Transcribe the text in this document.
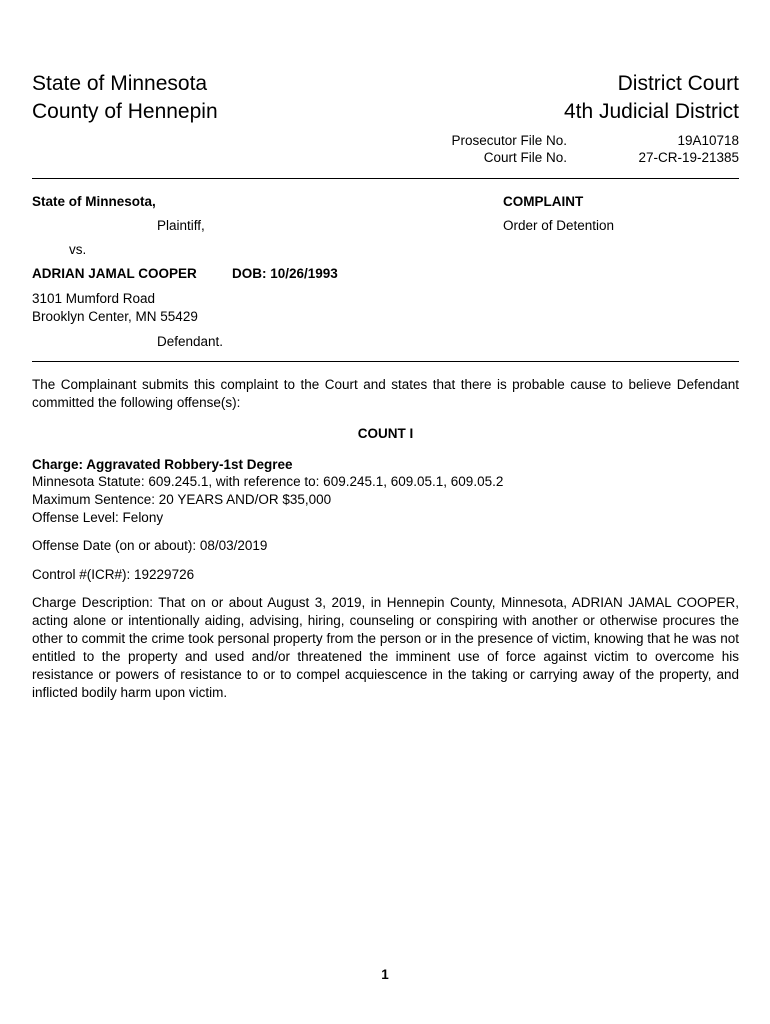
State of Minnesota
County of Hennepin
District Court
4th Judicial District
Prosecutor File No.	19A10718
Court File No.	27-CR-19-21385
State of Minnesota,
Plaintiff,
vs.
ADRIAN JAMAL COOPER	DOB: 10/26/1993
3101 Mumford Road
Brooklyn Center, MN 55429
Defendant.
COMPLAINT
Order of Detention
The Complainant submits this complaint to the Court and states that there is probable cause to believe Defendant committed the following offense(s):
COUNT I
Charge: Aggravated Robbery-1st Degree
Minnesota Statute: 609.245.1, with reference to: 609.245.1, 609.05.1, 609.05.2
Maximum Sentence: 20 YEARS AND/OR $35,000
Offense Level: Felony
Offense Date (on or about): 08/03/2019
Control #(ICR#): 19229726
Charge Description: That on or about August 3, 2019, in Hennepin County, Minnesota, ADRIAN JAMAL COOPER, acting alone or intentionally aiding, advising, hiring, counseling or conspiring with another or otherwise procures the other to commit the crime took personal property from the person or in the presence of victim, knowing that he was not entitled to the property and used and/or threatened the imminent use of force against victim to overcome his resistance or powers of resistance to or to compel acquiescence in the taking or carrying away of the property, and inflicted bodily harm upon victim.
1
